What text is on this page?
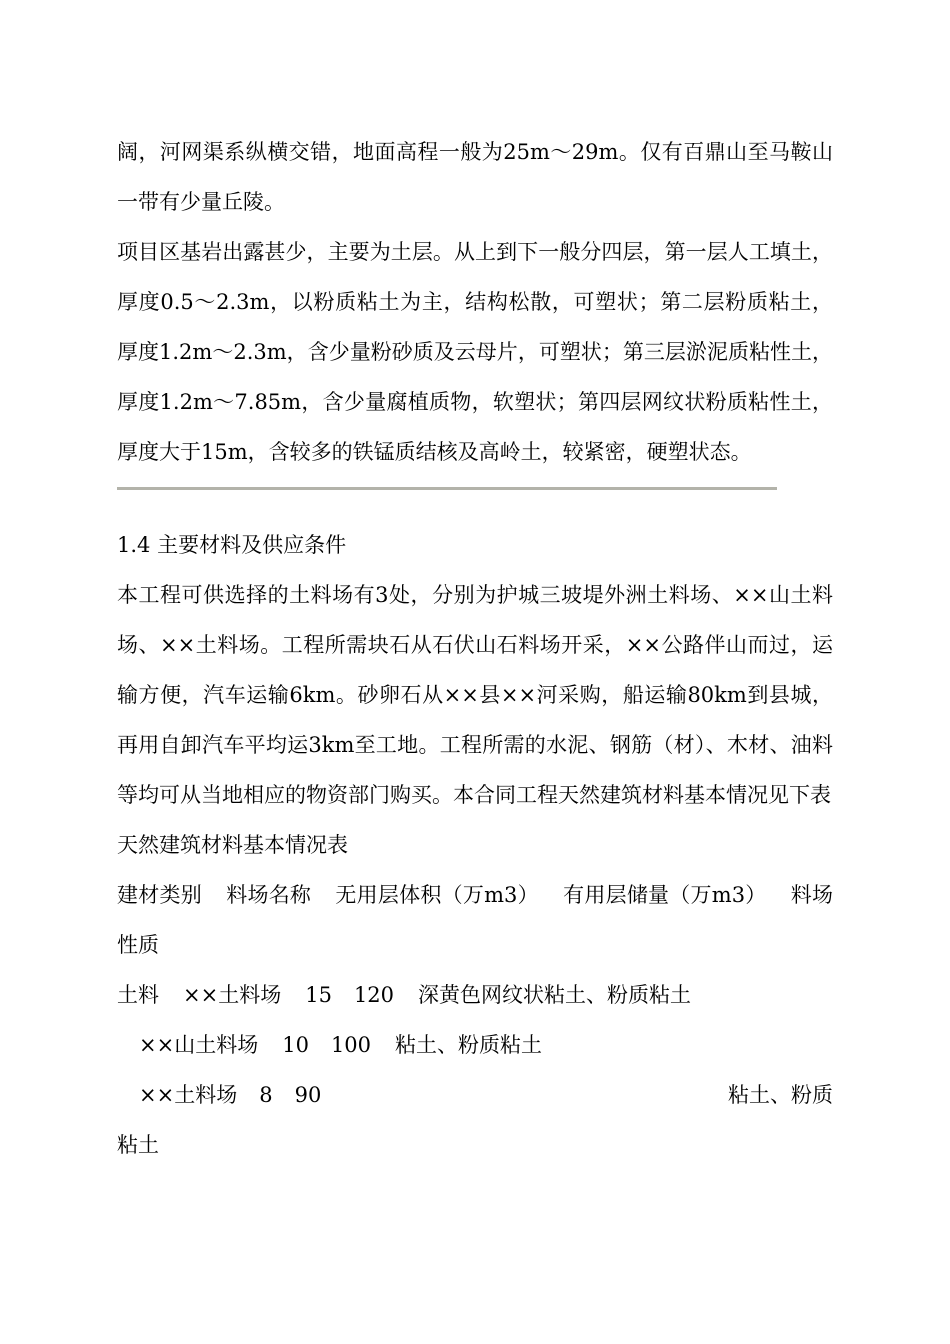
阔，河网渠系纵横交错，地面高程一般为25m～29m。仅有百鼎山至马鞍山一带有少量丘陵。

项目区基岩出露甚少，主要为土层。从上到下一般分四层，第一层人工填土，厚度0.5～2.3m，以粉质粘土为主，结构松散，可塑状；第二层粉质粘土，厚度1.2m～2.3m，含少量粉砂质及云母片，可塑状；第三层淤泥质粘性土，厚度1.2m～7.85m，含少量腐植质物，软塑状；第四层网纹状粉质粘性土，厚度大于15m，含较多的铁锰质结核及高岭土，较紧密，硬塑状态。

1.4 主要材料及供应条件

本工程可供选择的土料场有3处，分别为护城三坡堤外洲土料场、××山土料场、××土料场。工程所需块石从石伏山石料场开采，××公路伴山而过，运输方便，汽车运输6km。砂卵石从××县××河采购，船运输80km到县城，再用自卸汽车平均运3km至工地。工程所需的水泥、钢筋（材）、木材、油料等均可从当地相应的物资部门购买。本合同工程天然建筑材料基本情况见下表

天然建筑材料基本情况表

建材类别 料场名称 无用层体积（万m3） 有用层储量（万m3） 料场性质

土料 ××土料场 15 120 深黄色网纹状粘土、粉质粘土

××山土料场 10 100 粘土、粉质粘土

××土料场 8 90	粘土、粉质

粘土
